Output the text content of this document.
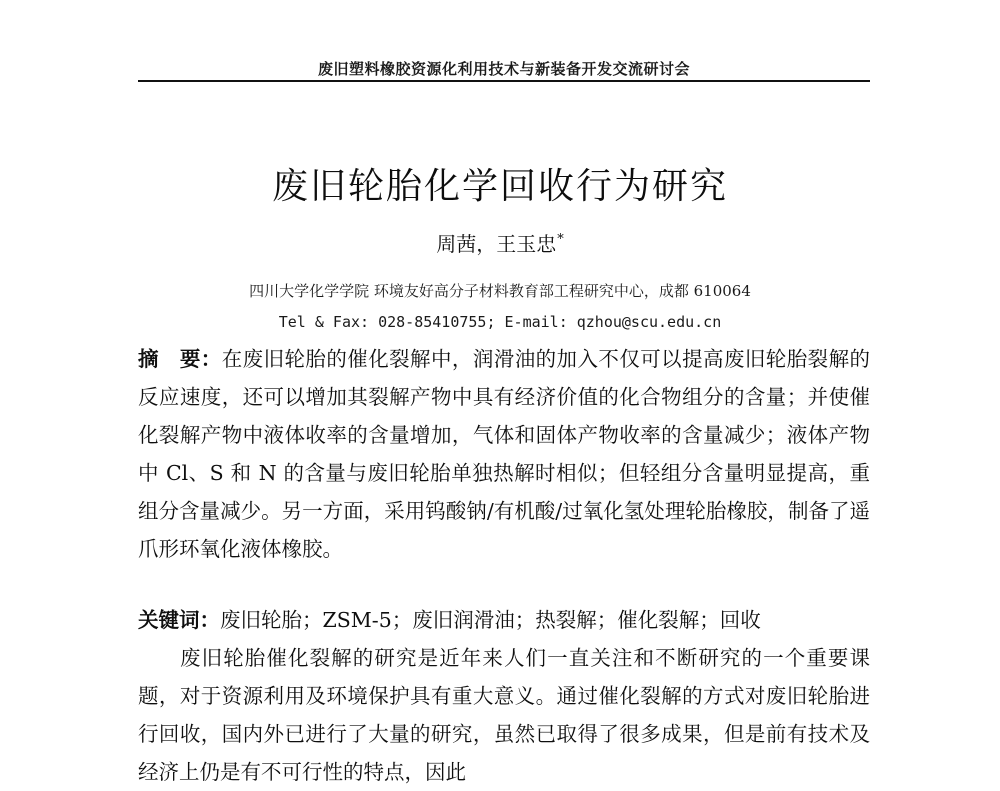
废旧塑料橡胶资源化利用技术与新装备开发交流研讨会
废旧轮胎化学回收行为研究
周茜，王玉忠*
四川大学化学学院 环境友好高分子材料教育部工程研究中心，成都 610064
Tel & Fax: 028-85410755; E-mail: qzhou@scu.edu.cn
摘　要：在废旧轮胎的催化裂解中，润滑油的加入不仅可以提高废旧轮胎裂解的反应速度，还可以增加其裂解产物中具有经济价值的化合物组分的含量；并使催化裂解产物中液体收率的含量增加，气体和固体产物收率的含量减少；液体产物中 Cl、S 和 N 的含量与废旧轮胎单独热解时相似；但轻组分含量明显提高，重组分含量减少。另一方面，采用钨酸钠/有机酸/过氧化氢处理轮胎橡胶，制备了遥爪形环氧化液体橡胶。
关键词：废旧轮胎；ZSM-5；废旧润滑油；热裂解；催化裂解；回收
废旧轮胎催化裂解的研究是近年来人们一直关注和不断研究的一个重要课题，对于资源利用及环境保护具有重大意义。通过催化裂解的方式对废旧轮胎进行回收，国内外已进行了大量的研究，虽然已取得了很多成果，但是前有技术及经济上仍是有不可行性的特点，因此
